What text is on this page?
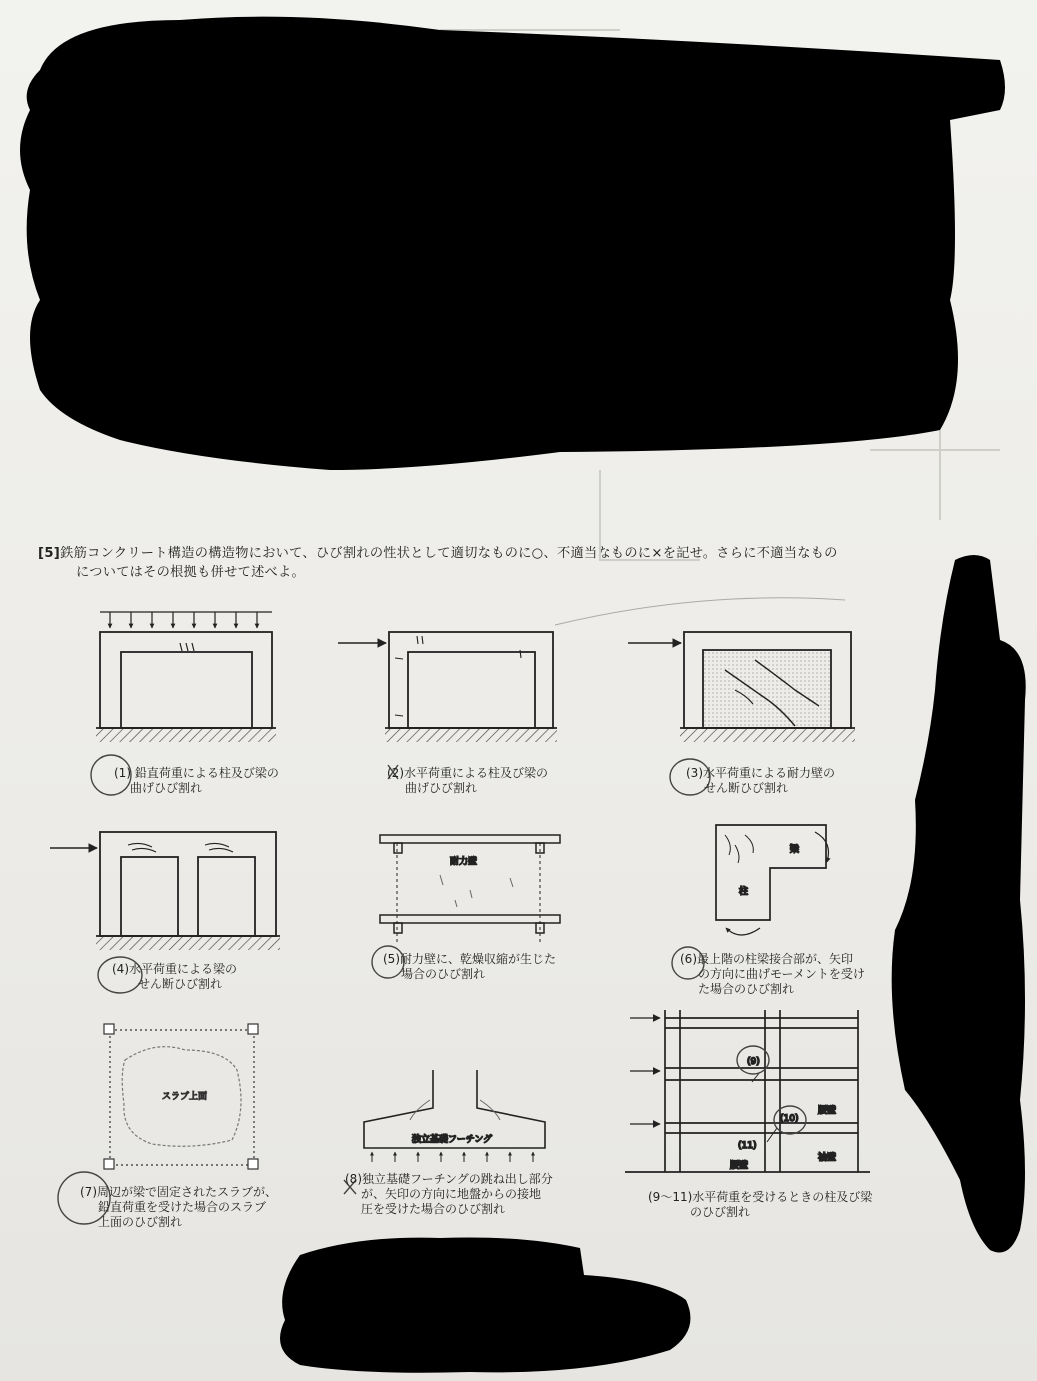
[5]鉄筋コンクリート構造の構造物において、ひび割れの性状として適切なものに○、不適当なものに×を記せ。さらに不適当なもの
についてはその根拠も併せて述べよ。
耐力壁
梁
柱
スラブ上面
独立基礎フーチング
(9)
(10)
(11)
腰壁
袖壁
腰壁
(1) 鉛直荷重による柱及び梁の
曲げひび割れ
(2)水平荷重による柱及び梁の
曲げひび割れ
(3)水平荷重による耐力壁の
せん断ひび割れ
(4)水平荷重による梁の
せん断ひび割れ
(5)耐力壁に、乾燥収縮が生じた
場合のひび割れ
(6)最上階の柱梁接合部が、矢印
の方向に曲げモーメントを受け
た場合のひび割れ
(7)周辺が梁で固定されたスラブが、
鉛直荷重を受けた場合のスラブ
上面のひび割れ
(8)独立基礎フーチングの跳ね出し部分
が、矢印の方向に地盤からの接地
圧を受けた場合のひび割れ
(9～11)水平荷重を受けるときの柱及び梁
のひび割れ
